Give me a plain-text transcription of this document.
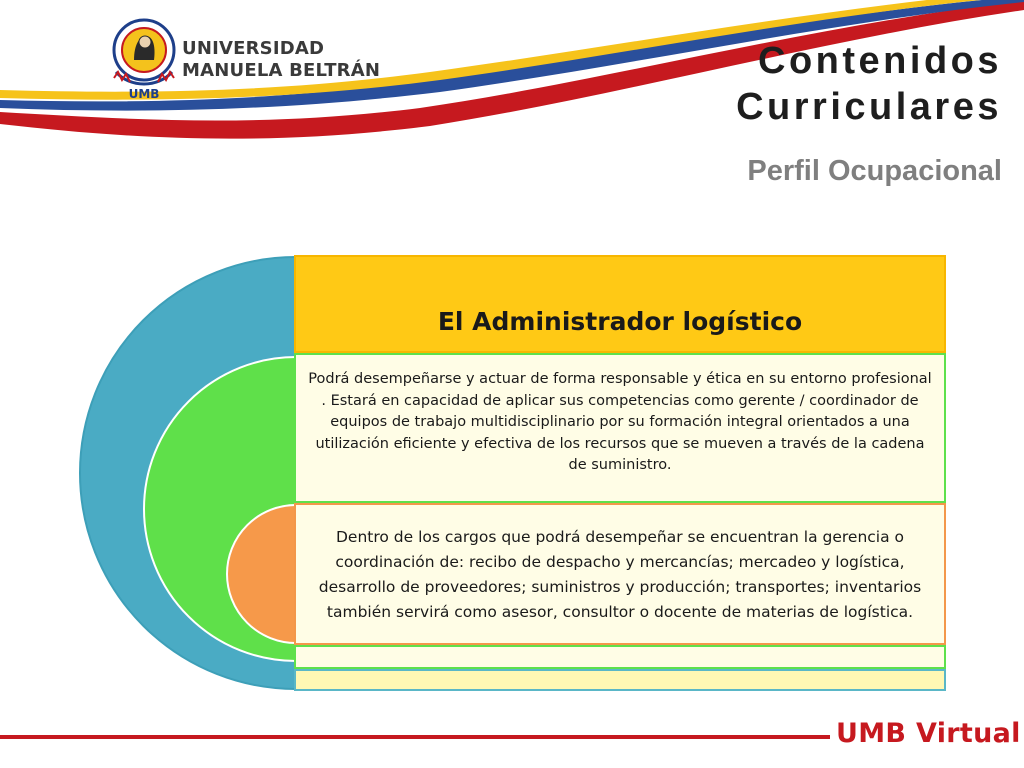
UMB
UNIVERSIDAD
MANUELA BELTRÁN	Contenidos
Curriculares
Perfil Ocupacional
El Administrador logístico

Podrá desempeñarse y actuar de forma responsable y ética en su entorno profesional . Estará en capacidad de aplicar sus competencias como gerente / coordinador de equipos de trabajo multidisciplinario por su formación integral orientados a una utilización eficiente y efectiva de los recursos que se mueven a través de la cadena de suministro.

Dentro de los cargos que podrá desempeñar se encuentran la gerencia o coordinación de: recibo de despacho y mercancías; mercadeo y logística, desarrollo de proveedores; suministros y producción; transportes; inventarios también servirá como asesor, consultor o docente de materias de logística.

UMB Virtual
